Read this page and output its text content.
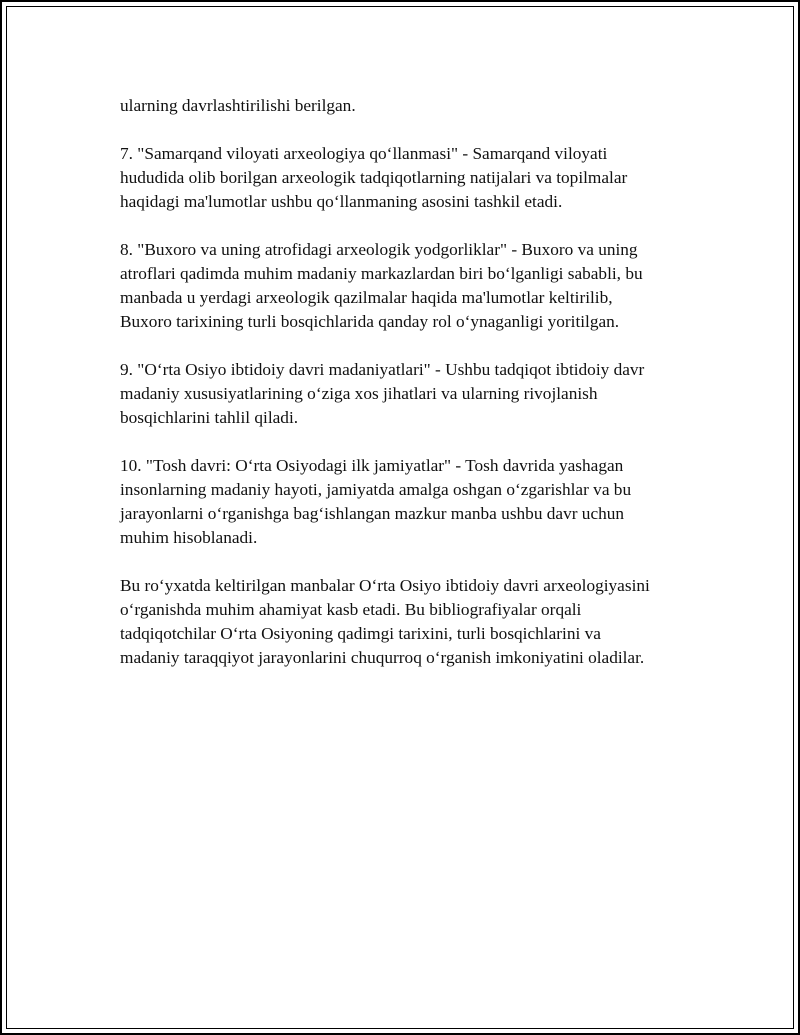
ularning davrlashtirilishi berilgan.

7. "Samarqand viloyati arxeologiya qo‘llanmasi" - Samarqand viloyati
hududida olib borilgan arxeologik tadqiqotlarning natijalari va topilmalar
haqidagi ma'lumotlar ushbu qo‘llanmaning asosini tashkil etadi.

8. "Buxoro va uning atrofidagi arxeologik yodgorliklar" - Buxoro va uning
atroflari qadimda muhim madaniy markazlardan biri bo‘lganligi sababli, bu
manbada u yerdagi arxeologik qazilmalar haqida ma'lumotlar keltirilib,
Buxoro tarixining turli bosqichlarida qanday rol o‘ynaganligi yoritilgan.

9. "O‘rta Osiyo ibtidoiy davri madaniyatlari" - Ushbu tadqiqot ibtidoiy davr
madaniy xususiyatlarining o‘ziga xos jihatlari va ularning rivojlanish
bosqichlarini tahlil qiladi.

10. "Tosh davri: O‘rta Osiyodagi ilk jamiyatlar" - Tosh davrida yashagan
insonlarning madaniy hayoti, jamiyatda amalga oshgan o‘zgarishlar va bu
jarayonlarni o‘rganishga bag‘ishlangan mazkur manba ushbu davr uchun
muhim hisoblanadi.

Bu ro‘yxatda keltirilgan manbalar O‘rta Osiyo ibtidoiy davri arxeologiyasini
o‘rganishda muhim ahamiyat kasb etadi. Bu bibliografiyalar orqali
tadqiqotchilar O‘rta Osiyoning qadimgi tarixini, turli bosqichlarini va
madaniy taraqqiyot jarayonlarini chuqurroq o‘rganish imkoniyatini oladilar.
